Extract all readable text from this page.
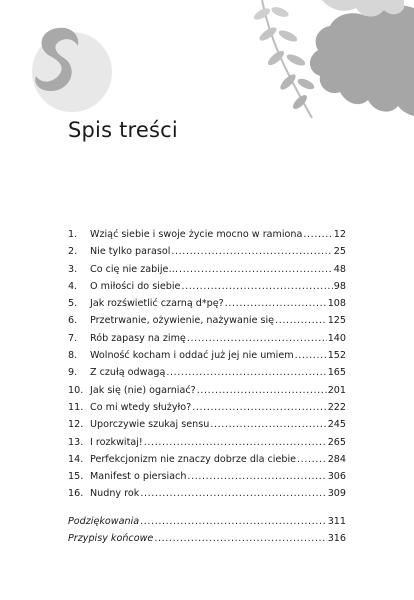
Spis treści
1.	Wziąć siebie i swoje życie mocno w ramiona .....	12
2.	Nie tylko parasol .....	25
3.	Co cię nie zabije… .....	48
4.	O miłości do siebie .....	98
5.	Jak rozświetlić czarną d*pę? .....	108
6.	Przetrwanie, ożywienie, nażywanie się .....	125
7.	Rób zapasy na zimę .....	140
8.	Wolność kocham i oddać już jej nie umiem .....	152
9.	Z czułą odwagą .....	165
10. Jak się (nie) ogarniać? .....	201
11. Co mi wtedy służyło? .....	222
12. Uporczywie szukaj sensu .....	245
13. I rozkwitaj! .....	265
14. Perfekcjonizm nie znaczy dobrze dla ciebie .....	284
15. Manifest o piersiach .....	306
16. Nudny rok .....	309
Podziękowania .....	311
Przypisy końcowe .....	316
